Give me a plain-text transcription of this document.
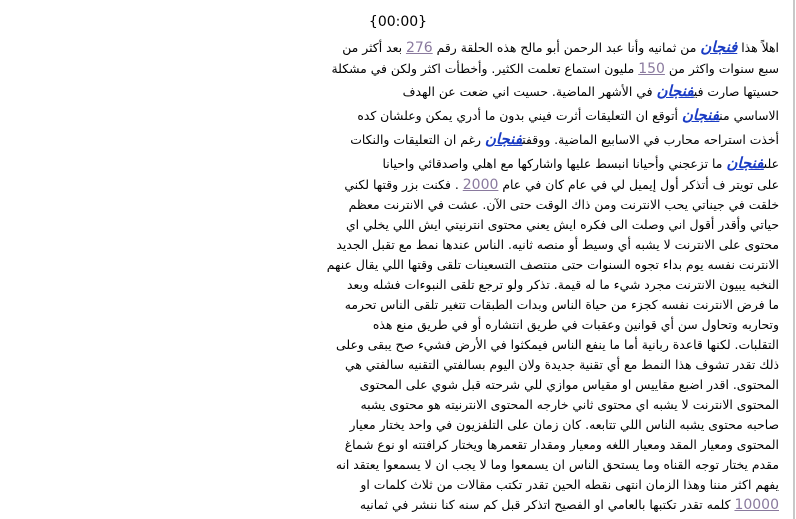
{00:00}
اهلاً هذا فنجان من ثمانيه وأنا عبد الرحمن أبو مالح هذه الحلقة رقم 276 بعد أكثر من
سبع سنوات واكثر من 150 مليون استماع تعلمت الكثير. وأخطأت اكثر ولكن في مشكلة
حسيتها صارت فيفنجان في الأشهر الماضية. حسيت اني ضعت عن الهدف
الاساسي منفنجان أتوقع ان التعليقات أثرت فيني بدون ما أدري يمكن وعلشان كده
أخذت استراحه محارب في الاسابيع الماضية. ووقفتفنجان رغم ان التعليقات والنكات
علىفنجان ما تزعجني وأحيانا انبسط عليها واشاركها مع اهلي واصدقائي واحيانا
على تويتر ف أتذكر أول إيميل لي في عام كان في عام 2000 . فكنت بزر وقتها لكني
خلقت في جيناتي يحب الانترنت ومن ذاك الوقت حتى الآن. عشت في الانترنت معظم
حياتي وأقدر أقول اني وصلت الى فكره ايش يعني محتوى انترنيتي ايش اللي يخلي اي
محتوى على الانترنت لا يشبه أي وسيط أو منصه ثانيه. الناس عندها نمط مع تقبل الجديد
الانترنت نفسه يوم بداء تجوه السنوات حتى منتصف التسعينات تلقى وقتها اللي يقال عنهم
النخبه يبيون الانترنت مجرد شيء ما له قيمة. تذكر ولو ترجع تلقى النبوءات فشله وبعد
ما فرض الانترنت نفسه كجزء من حياة الناس وبدات الطبقات تتغير تلقى الناس تحرمه
وتحاربه وتحاول سن أي قوانين وعقبات في طريق انتشاره أو في طريق منع هذه
التقلبات. لكنها قاعدة ربانية أما ما ينفع الناس فيمكثوا في الأرض فشيء صح يبقى وعلى
ذلك تقدر تشوف هذا النمط مع أي تقنية جديدة ولان اليوم بسالفتي التقنيه سالفتي هي
المحتوى. اقدر اضبع مقاييس او مقياس موازي للي شرحته قبل شوي على المحتوى
المحتوى الانترنت لا يشبه اي محتوى ثاني خارجه المحتوى الانترنيته هو محتوى يشبه
صاحبه محتوى يشبه الناس اللي تتابعه. كان زمان على التلفزيون في واحد يختار معيار
المحتوى ومعيار المقد ومعيار اللغه ومعيار ومقدار تقعمرها ويختار كرافتته او نوع شماغ
مقدم يختار توجه القناه وما يستحق الناس ان يسمعوا وما لا يجب ان لا يسمعوا يعتقد انه
يفهم اكثر مننا وهذا الزمان انتهى نقطه الحين تقدر تكتب مقالات من ثلاث كلمات او
10000 كلمه تقدر تكتبها بالعامي او الفصيح اتذكر قبل كم سنه كنا ننشر في ثمانيه
